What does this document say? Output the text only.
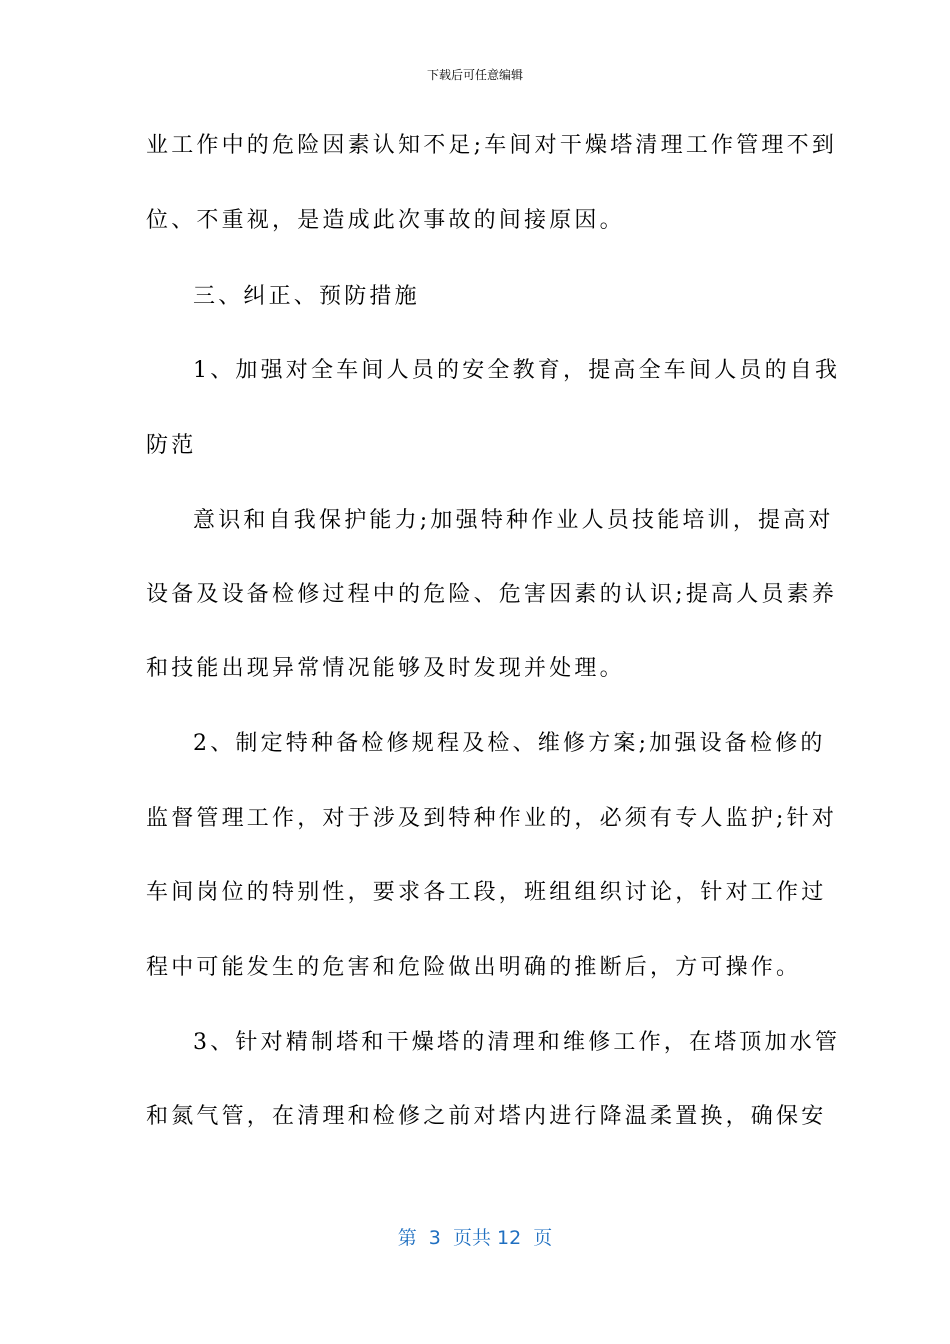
下载后可任意编辑
业工作中的危险因素认知不足;车间对干燥塔清理工作管理不到
位、不重视，是造成此次事故的间接原因。
三、纠正、预防措施
1、加强对全车间人员的安全教育，提高全车间人员的自我
防范
意识和自我保护能力;加强特种作业人员技能培训，提高对
设备及设备检修过程中的危险、危害因素的认识;提高人员素养
和技能出现异常情况能够及时发现并处理。
2、制定特种备检修规程及检、维修方案;加强设备检修的
监督管理工作，对于涉及到特种作业的，必须有专人监护;针对
车间岗位的特别性，要求各工段，班组组织讨论，针对工作过
程中可能发生的危害和危险做出明确的推断后，方可操作。
3、针对精制塔和干燥塔的清理和维修工作，在塔顶加水管
和氮气管，在清理和检修之前对塔内进行降温柔置换，确保安
第  3  页共 12  页
